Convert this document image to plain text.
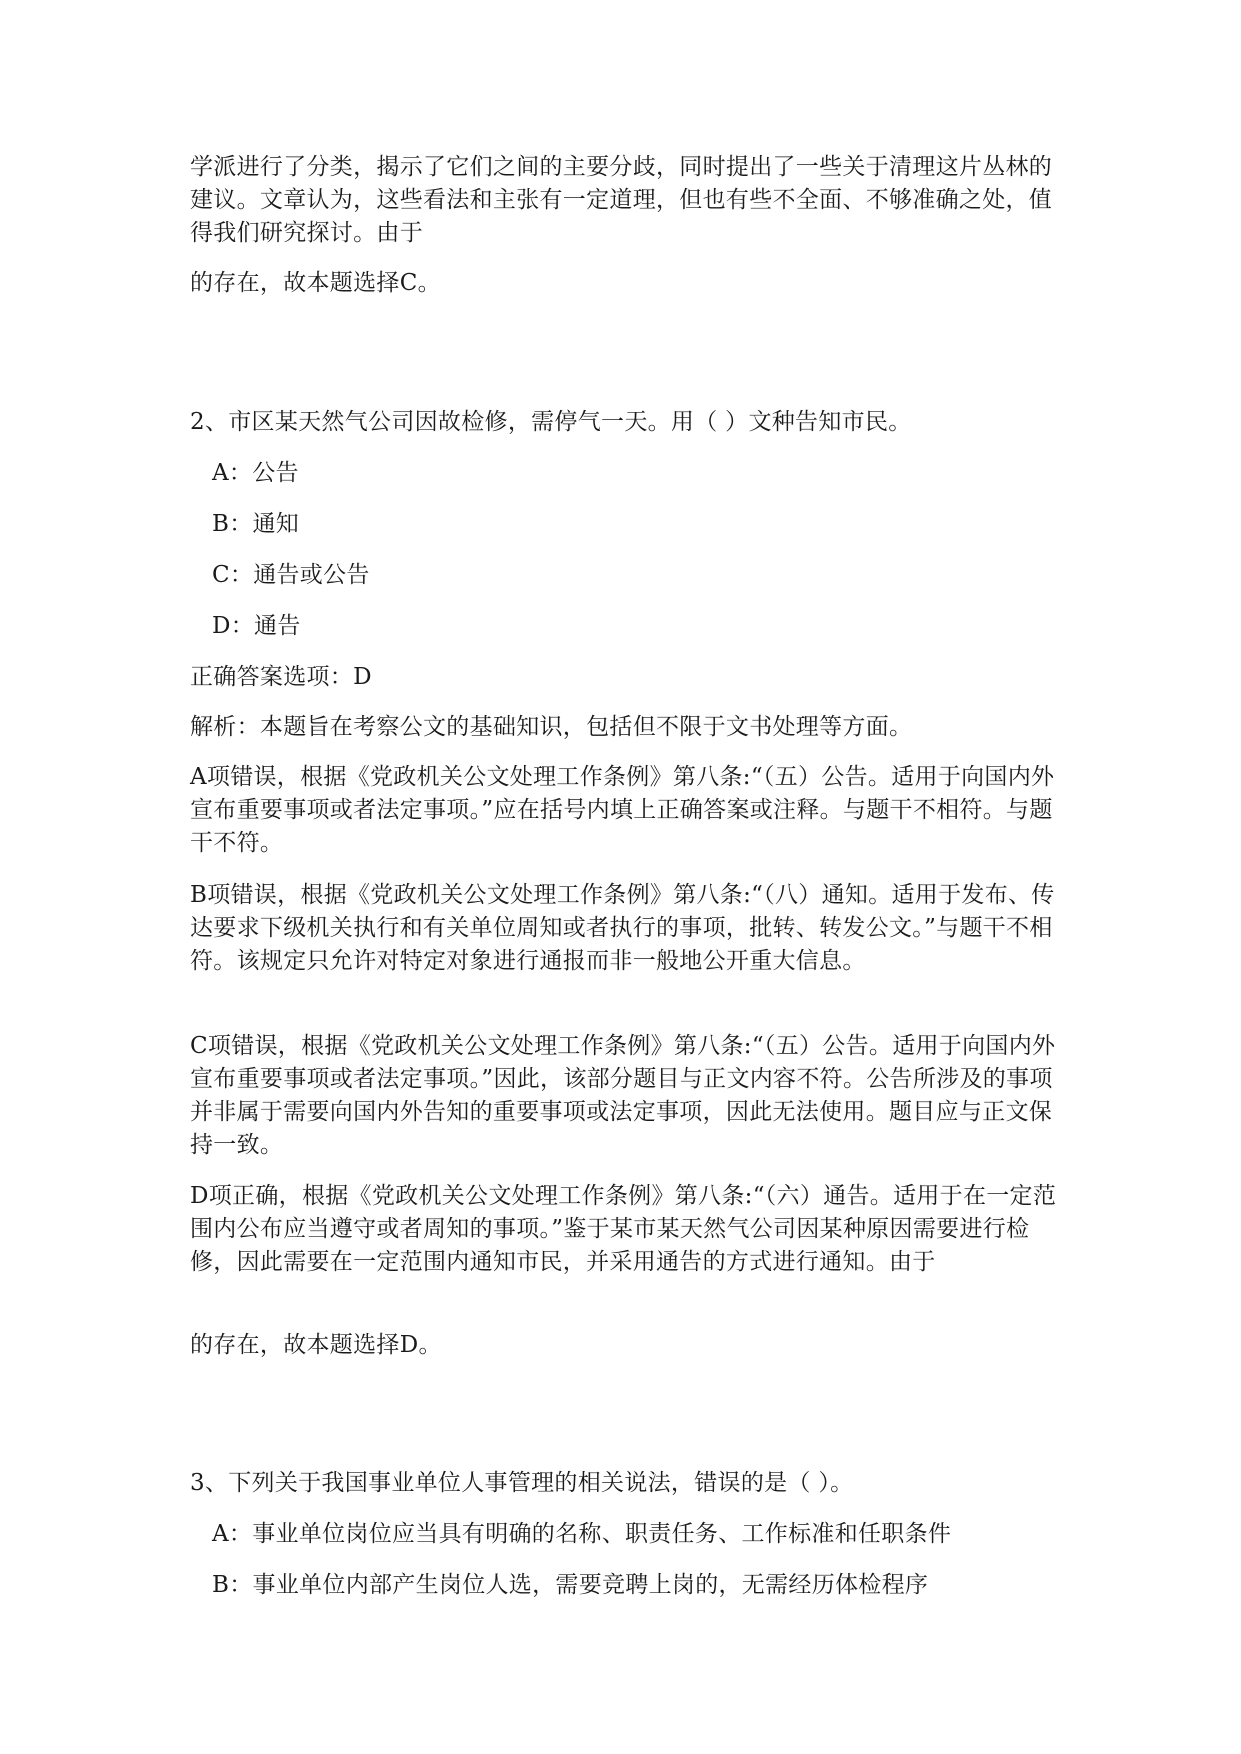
学派进行了分类，揭示了它们之间的主要分歧，同时提出了一些关于清理这片丛林的建议。文章认为，这些看法和主张有一定道理，但也有些不全面、不够准确之处，值得我们研究探讨。由于

的存在，故本题选择C。

2、市区某天然气公司因故检修，需停气一天。用（ ）文种告知市民。

A：公告

B：通知

C：通告或公告

D：通告

正确答案选项：D

解析：本题旨在考察公文的基础知识，包括但不限于文书处理等方面。

A项错误，根据《党政机关公文处理工作条例》第八条:“（五）公告。适用于向国内外宣布重要事项或者法定事项。”应在括号内填上正确答案或注释。与题干不相符。与题干不符。

B项错误，根据《党政机关公文处理工作条例》第八条:“（八）通知。适用于发布、传达要求下级机关执行和有关单位周知或者执行的事项，批转、转发公文。”与题干不相符。该规定只允许对特定对象进行通报而非一般地公开重大信息。

C项错误，根据《党政机关公文处理工作条例》第八条:“（五）公告。适用于向国内外宣布重要事项或者法定事项。”因此，该部分题目与正文内容不符。公告所涉及的事项并非属于需要向国内外告知的重要事项或法定事项，因此无法使用。题目应与正文保持一致。

D项正确，根据《党政机关公文处理工作条例》第八条:“（六）通告。适用于在一定范围内公布应当遵守或者周知的事项。”鉴于某市某天然气公司因某种原因需要进行检修，因此需要在一定范围内通知市民，并采用通告的方式进行通知。由于

的存在，故本题选择D。

3、下列关于我国事业单位人事管理的相关说法，错误的是（ ）。

A：事业单位岗位应当具有明确的名称、职责任务、工作标准和任职条件

B：事业单位内部产生岗位人选，需要竞聘上岗的，无需经历体检程序
